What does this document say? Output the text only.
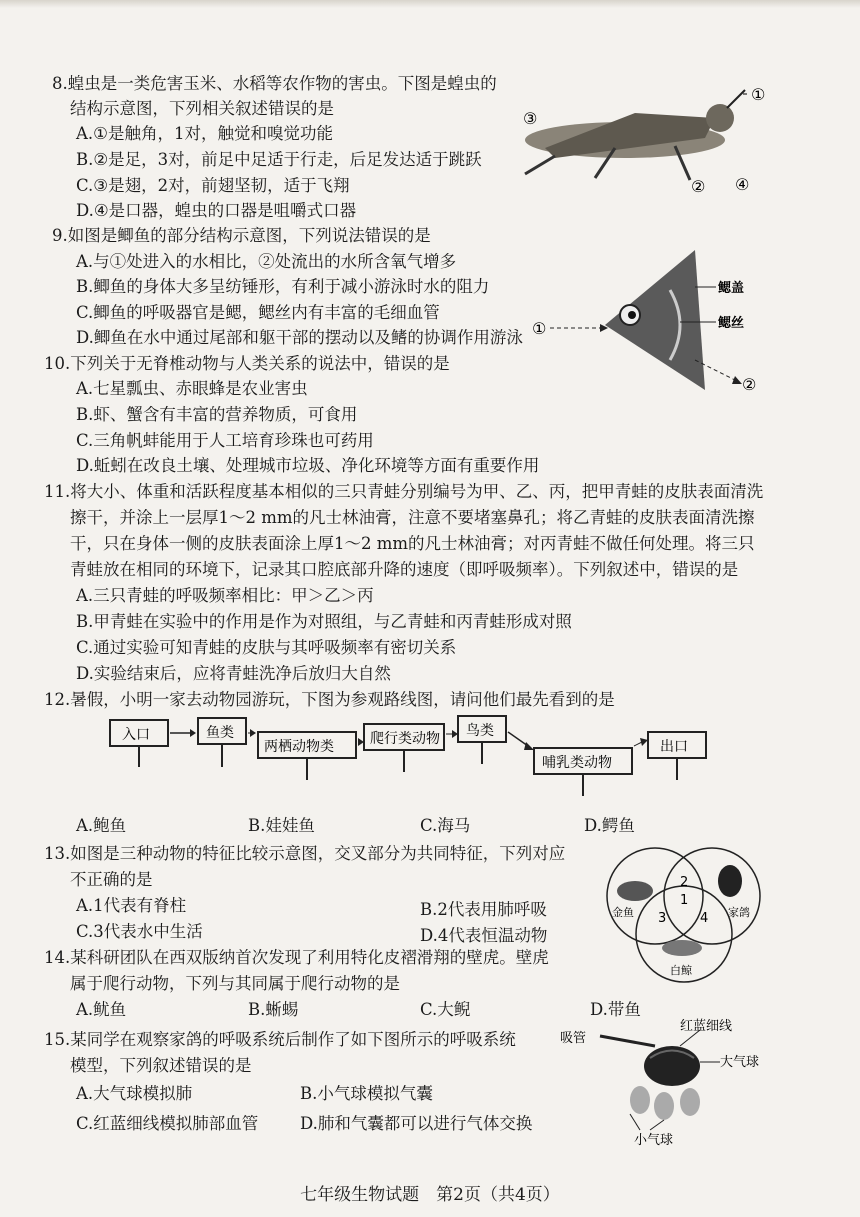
8.蝗虫是一类危害玉米、水稻等农作物的害虫。下图是蝗虫的
结构示意图，下列相关叙述错误的是
A.①是触角，1对，触觉和嗅觉功能
B.②是足，3对，前足中足适于行走，后足发达适于跳跃
C.③是翅，2对，前翅坚韧，适于飞翔
D.④是口器，蝗虫的口器是咀嚼式口器
①
③
② ④
9.如图是鲫鱼的部分结构示意图，下列说法错误的是
A.与①处进入的水相比，②处流出的水所含氧气增多
B.鲫鱼的身体大多呈纺锤形，有利于减小游泳时水的阻力
C.鲫鱼的呼吸器官是鳃，鳃丝内有丰富的毛细血管
D.鲫鱼在水中通过尾部和躯干部的摆动以及鳍的协调作用游泳 ①
②
鳃盖
鳃丝
10.下列关于无脊椎动物与人类关系的说法中，错误的是
A.七星瓢虫、赤眼蜂是农业害虫
B.虾、蟹含有丰富的营养物质，可食用
C.三角帆蚌能用于人工培育珍珠也可药用
D.蚯蚓在改良土壤、处理城市垃圾、净化环境等方面有重要作用
11.将大小、体重和活跃程度基本相似的三只青蛙分别编号为甲、乙、丙，把甲青蛙的皮肤表面清洗
擦干，并涂上一层厚1～2 mm的凡士林油膏，注意不要堵塞鼻孔；将乙青蛙的皮肤表面清洗擦
干，只在身体一侧的皮肤表面涂上厚1～2 mm的凡士林油膏；对丙青蛙不做任何处理。将三只
青蛙放在相同的环境下，记录其口腔底部升降的速度（即呼吸频率）。下列叙述中，错误的是
A.三只青蛙的呼吸频率相比：甲＞乙＞丙
B.甲青蛙在实验中的作用是作为对照组，与乙青蛙和丙青蛙形成对照
C.通过实验可知青蛙的皮肤与其呼吸频率有密切关系
D.实验结束后，应将青蛙洗净后放归大自然
12.暑假，小明一家去动物园游玩，下图为参观路线图，请问他们最先看到的是
入口	鱼类
两栖动物类	爬行类动物 鸟类
哺乳类动物
出口
A.鲍鱼	B.娃娃鱼	C.海马	D.鳄鱼
13.如图是三种动物的特征比较示意图，交叉部分为共同特征，下列对应
不正确的是
A.1代表有脊柱	B.2代表用肺呼吸
C.3代表水中生活	D.4代表恒温动物
2
1
3	4
金鱼	家鸽
白鲸
14.某科研团队在西双版纳首次发现了利用特化皮褶滑翔的壁虎。壁虎
属于爬行动物，下列与其同属于爬行动物的是
A.鱿鱼	B.蜥蜴	C.大鲵	D.带鱼
15.某同学在观察家鸽的呼吸系统后制作了如下图所示的呼吸系统
模型，下列叙述错误的是
A.大气球模拟肺	B.小气球模拟气囊
C.红蓝细线模拟肺部血管	D.肺和气囊都可以进行气体交换
吸管
红蓝细线
大气球
小气球
七年级生物试题　第2页（共4页）
